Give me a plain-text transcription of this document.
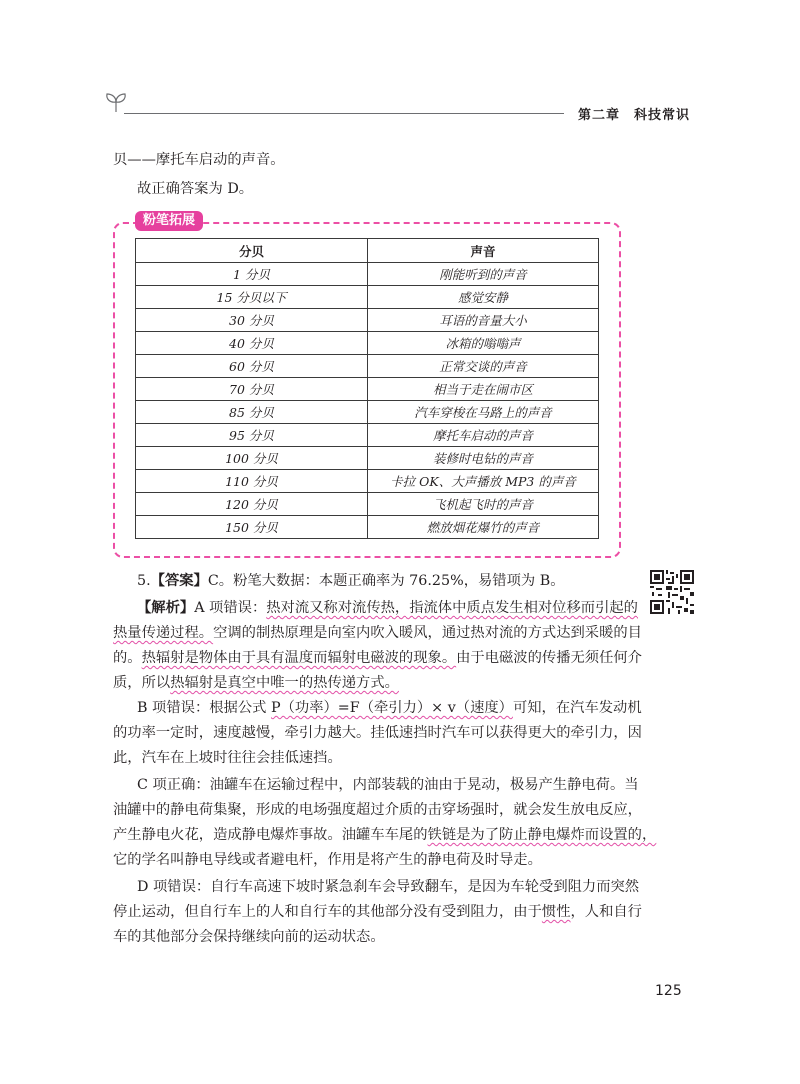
第二章 科技常识
贝——摩托车启动的声音。
故正确答案为 D。
粉笔拓展
分贝	声音
1 分贝	刚能听到的声音
15 分贝以下	感觉安静
30 分贝	耳语的音量大小
40 分贝	冰箱的嗡嗡声
60 分贝	正常交谈的声音
70 分贝	相当于走在闹市区
85 分贝	汽车穿梭在马路上的声音
95 分贝	摩托车启动的声音
100 分贝	装修时电钻的声音
110 分贝	卡拉 OK、大声播放 MP3 的声音
120 分贝	飞机起飞时的声音
150 分贝	燃放烟花爆竹的声音
5.【答案】C。粉笔大数据：本题正确率为 76.25%，易错项为 B。
【解析】A 项错误：热对流又称对流传热，指流体中质点发生相对位移而引起的
热量传递过程。空调的制热原理是向室内吹入暖风，通过热对流的方式达到采暖的目
的。热辐射是物体由于具有温度而辐射电磁波的现象。由于电磁波的传播无须任何介
质，所以热辐射是真空中唯一的热传递方式。
B 项错误：根据公式 P（功率）=F（牵引力）× v（速度）可知，在汽车发动机
的功率一定时，速度越慢，牵引力越大。挂低速挡时汽车可以获得更大的牵引力，因
此，汽车在上坡时往往会挂低速挡。
C 项正确：油罐车在运输过程中，内部装载的油由于晃动，极易产生静电荷。当
油罐中的静电荷集聚，形成的电场强度超过介质的击穿场强时，就会发生放电反应，
产生静电火花，造成静电爆炸事故。油罐车车尾的铁链是为了防止静电爆炸而设置的，
它的学名叫静电导线或者避电杆，作用是将产生的静电荷及时导走。
D 项错误：自行车高速下坡时紧急刹车会导致翻车，是因为车轮受到阻力而突然
停止运动，但自行车上的人和自行车的其他部分没有受到阻力，由于惯性，人和自行
车的其他部分会保持继续向前的运动状态。
125
